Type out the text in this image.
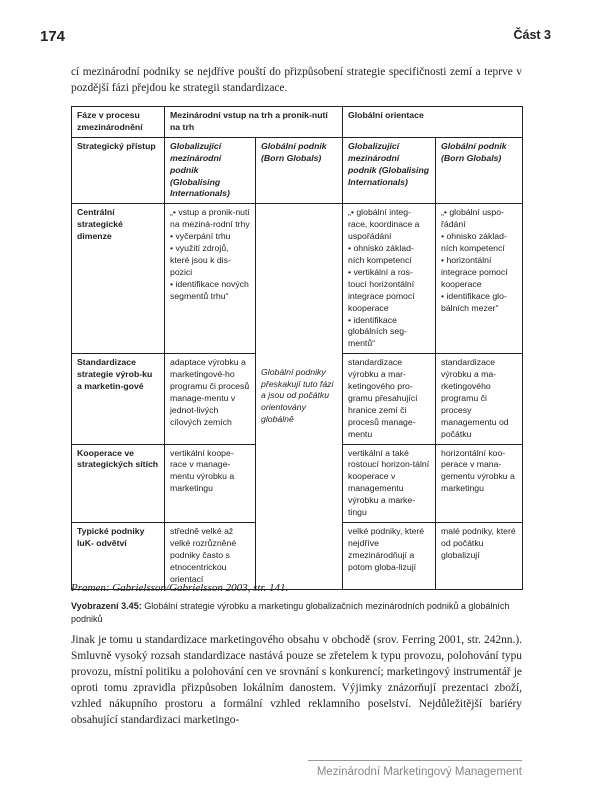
174	Část 3

cí mezinárodní podniky se nejdříve pouští do přizpůsobení strategie specifičnosti zemí a teprve v pozdější fázi přejdou ke strategii standardizace.

Fáze v procesu zmezinárodnění	Mezinárodní vstup na trh a pronik-nutí na trh		Globální orientace	
Strategický přístup	Globalizující mezinárodní podnik (Globalising Internationals)	Globální podnik (Born Globals)	Globalizující mezinárodní podnik (Globalising Internationals)	Globální podnik (Born Globals)
Centrální strategické dimenze	„• vstup a pronik-nutí na meziná-rodní trhy
• vyčerpání trhu
• využití zdrojů, které jsou k dis-pozici
• identifikace nových segmentů trhu“	Globální podniky přeskakují tuto fázi a jsou od počátku orientovány globálně	„• globální integ-race, koordinace a uspořádání
• ohnisko základ-ních kompetencí
• vertikální a ros-toucí horizontální integrace pomocí kooperace
• identifikace globálních seg-mentů“	„• globální uspo-řádání
• ohnisko základ-ních kompetencí
• horizontální integrace pomocí kooperace
• identifikace glo-bálních mezer“
Standardizace strategie výrob-ku a marketin-gové	adaptace výrobku a marketingové-ho programu či procesů manage-mentu v jednot-livých cílových zemích		standardizace výrobku a mar-ketingového pro-gramu přesahující hranice zemí či procesů manage-mentu	standardizace výrobku a ma-rketingového programu či procesy managementu od počátku
Kooperace ve strategických sítích	vertikální koope-race v manage-mentu výrobku a marketingu		vertikální a také rostoucí horizon-tální kooperace v managementu výrobku a marke-tingu	horizontální koo-perace v mana-gementu výrobku a marketingu
Typické podniky luK- odvětví	středně velké až velké rozrůzněné podniky často s etnocentrickou orientací		velké podniky, které nejdříve zmezinárodňují a potom globa-lizují	malé podniky, které od počátku globalizují
Pramen: Gabrielsson/Gabrielsson 2003, str. 141.
Vyobrazení 3.45: Globální strategie výrobku a marketingu globalizačních mezinárodních podniků a globálních podniků

Jinak je tomu u standardizace marketingového obsahu v obchodě (srov. Ferring 2001, str. 242nn.). Smluvně vysoký rozsah standardizace nastává pouze se zřetelem k typu provozu, polohování typu provozu, místní politiku a polohování cen ve srovnání s konkurencí; marketingový instrumentář je oproti tomu zpravidla přizpůsoben lokálním danostem. Výjimky znázorňují prezentaci zboží, vzhled nákupního prostoru a formální vzhled reklamního poselství. Nejdůležitější bariéry obsahující standardizaci marketingo-

Mezinárodní Marketingový Management
